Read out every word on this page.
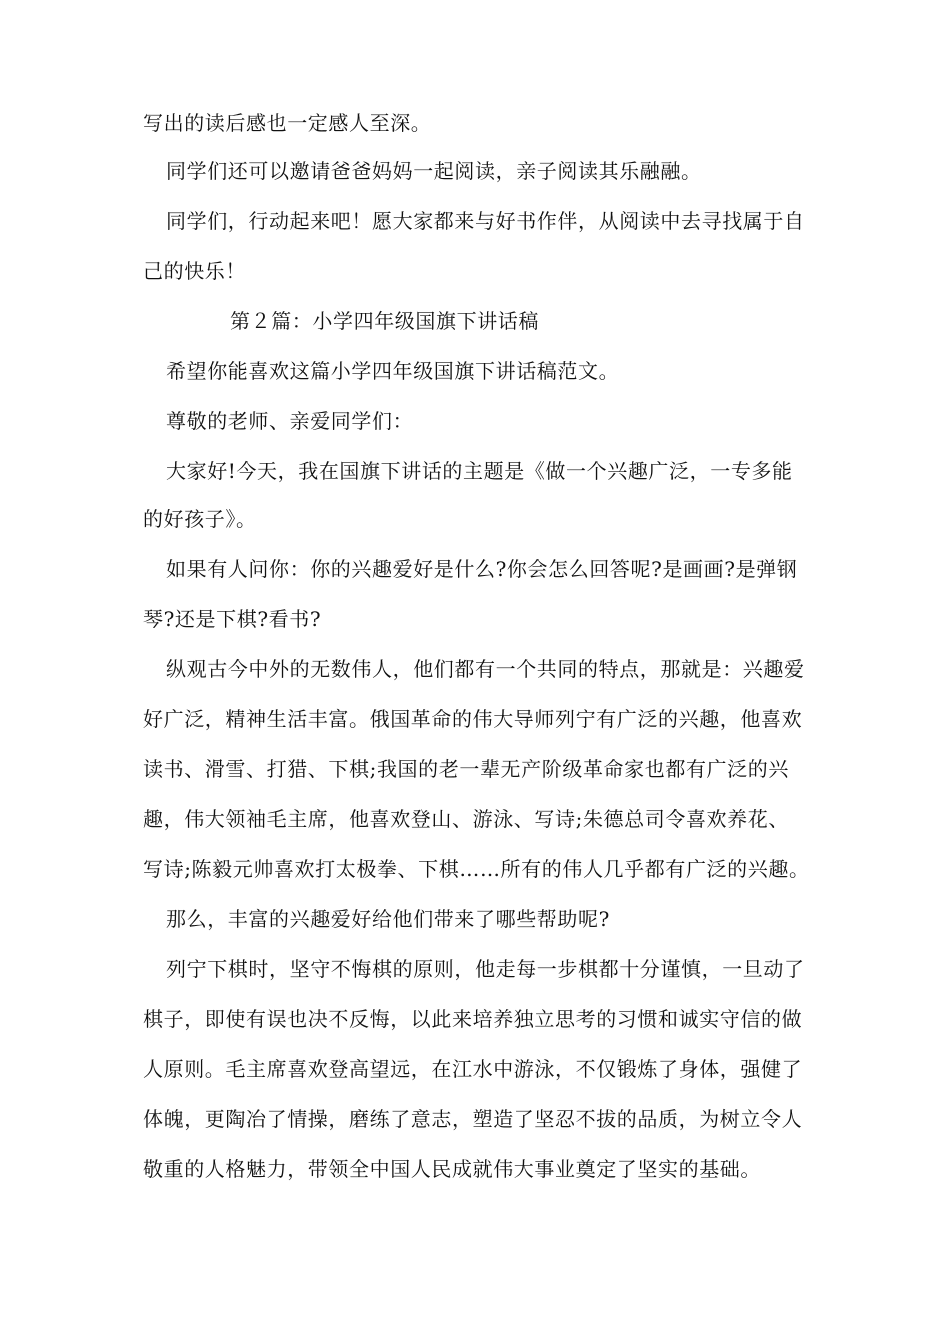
写出的读后感也一定感人至深。
同学们还可以邀请爸爸妈妈一起阅读，亲子阅读其乐融融。
同学们，行动起来吧！愿大家都来与好书作伴，从阅读中去寻找属于自
己的快乐！
第２篇：小学四年级国旗下讲话稿
希望你能喜欢这篇小学四年级国旗下讲话稿范文。
尊敬的老师、亲爱同学们：
大家好!今天，我在国旗下讲话的主题是《做一个兴趣广泛，一专多能
的好孩子》。
如果有人问你：你的兴趣爱好是什么?你会怎么回答呢?是画画?是弹钢
琴?还是下棋?看书?
纵观古今中外的无数伟人，他们都有一个共同的特点，那就是：兴趣爱
好广泛，精神生活丰富。俄国革命的伟大导师列宁有广泛的兴趣，他喜欢
读书、滑雪、打猎、下棋;我国的老一辈无产阶级革命家也都有广泛的兴
趣，伟大领袖毛主席，他喜欢登山、游泳、写诗;朱德总司令喜欢养花、
写诗;陈毅元帅喜欢打太极拳、下棋……所有的伟人几乎都有广泛的兴趣。
那么，丰富的兴趣爱好给他们带来了哪些帮助呢?
列宁下棋时，坚守不悔棋的原则，他走每一步棋都十分谨慎，一旦动了
棋子，即使有误也决不反悔，以此来培养独立思考的习惯和诚实守信的做
人原则。毛主席喜欢登高望远，在江水中游泳，不仅锻炼了身体，强健了
体魄，更陶冶了情操，磨练了意志，塑造了坚忍不拔的品质，为树立令人
敬重的人格魅力，带领全中国人民成就伟大事业奠定了坚实的基础。
